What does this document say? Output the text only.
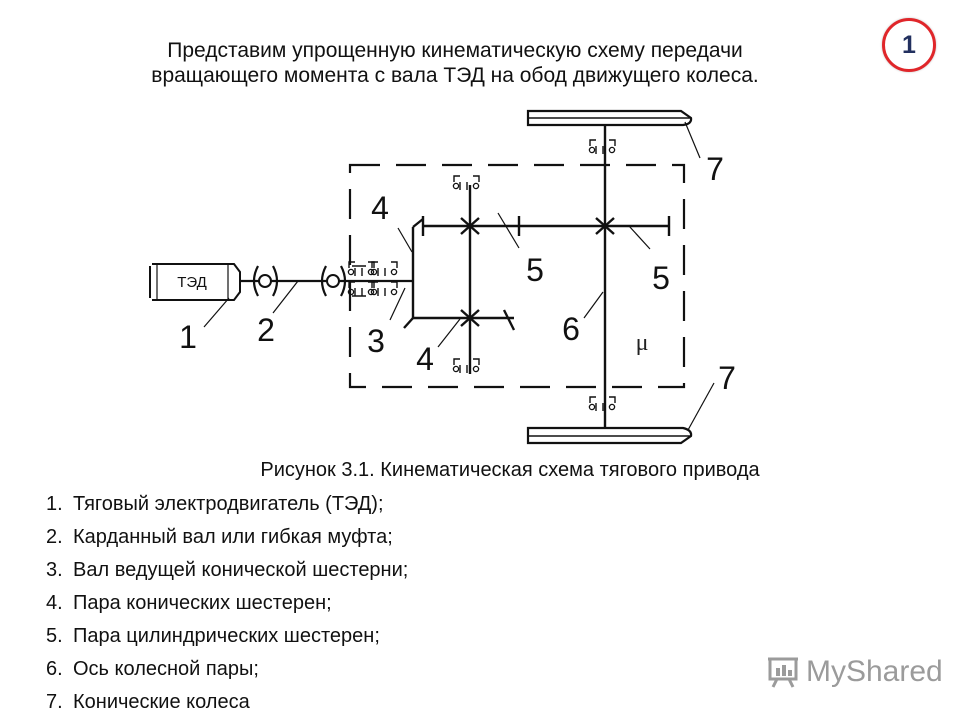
Представим упрощенную кинематическую схему передачи
вращающего момента с вала ТЭД на обод движущего колеса.
1
ТЭД
1 2	3
4
4
5	5
6
7
7
μ

Рисунок 3.1. Кинематическая схема тягового привода

1. Тяговый электродвигатель (ТЭД);
2. Карданный вал или гибкая муфта;
3. Вал ведущей конической шестерни;
4. Пара конических шестерен;
5. Пара цилиндрических шестерен;
6. Ось колесной пары;
7. Конические колеса
MyShared
